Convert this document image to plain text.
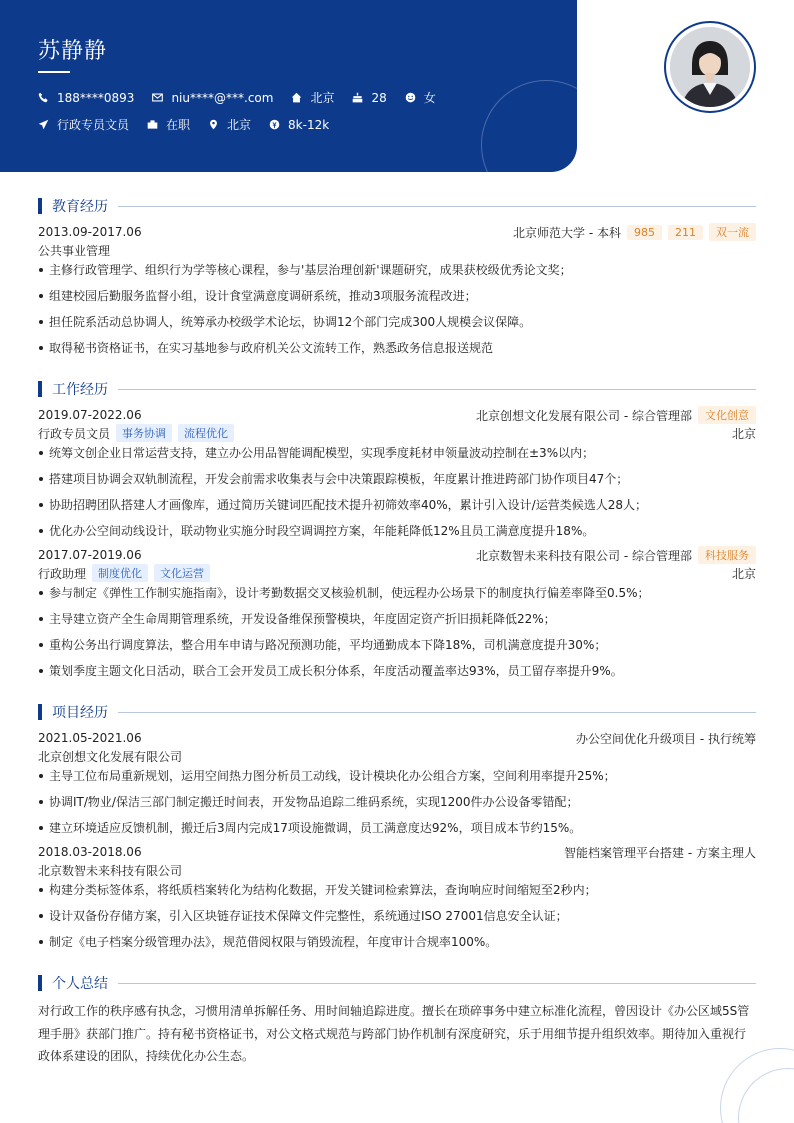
苏静静
188****0893	niu****@***.com	北京	28	女
行政专员文员	在职	北京	8k-12k
教育经历
2013.09-2017.06	北京师范大学 - 本科	985	211	双一流
公共事业管理
主修行政管理学、组织行为学等核心课程，参与'基层治理创新'课题研究，成果获校级优秀论文奖；
组建校园后勤服务监督小组，设计食堂满意度调研系统，推动3项服务流程改进；
担任院系活动总协调人，统筹承办校级学术论坛，协调12个部门完成300人规模会议保障。
取得秘书资格证书，在实习基地参与政府机关公文流转工作，熟悉政务信息报送规范
工作经历
2019.07-2022.06	北京创想文化发展有限公司 - 综合管理部	文化创意
行政专员文员	事务协调	流程优化	北京
统筹文创企业日常运营支持，建立办公用品智能调配模型，实现季度耗材申领量波动控制在±3%以内；
搭建项目协调会双轨制流程，开发会前需求收集表与会中决策跟踪模板，年度累计推进跨部门协作项目47个；
协助招聘团队搭建人才画像库，通过简历关键词匹配技术提升初筛效率40%，累计引入设计/运营类候选人28人；
优化办公空间动线设计，联动物业实施分时段空调调控方案，年能耗降低12%且员工满意度提升18%。
2017.07-2019.06	北京数智未来科技有限公司 - 综合管理部	科技服务
行政助理	制度优化	文化运营	北京
参与制定《弹性工作制实施指南》，设计考勤数据交叉核验机制，使远程办公场景下的制度执行偏差率降至0.5%；
主导建立资产全生命周期管理系统，开发设备维保预警模块，年度固定资产折旧损耗降低22%；
重构公务出行调度算法，整合用车申请与路况预测功能，平均通勤成本下降18%，司机满意度提升30%；
策划季度主题文化日活动，联合工会开发员工成长积分体系，年度活动覆盖率达93%，员工留存率提升9%。
项目经历
2021.05-2021.06	办公空间优化升级项目 - 执行统筹
北京创想文化发展有限公司
主导工位布局重新规划，运用空间热力图分析员工动线，设计模块化办公组合方案，空间利用率提升25%；
协调IT/物业/保洁三部门制定搬迁时间表，开发物品追踪二维码系统，实现1200件办公设备零错配；
建立环境适应反馈机制，搬迁后3周内完成17项设施微调，员工满意度达92%，项目成本节约15%。
2018.03-2018.06	智能档案管理平台搭建 - 方案主理人
北京数智未来科技有限公司
构建分类标签体系，将纸质档案转化为结构化数据，开发关键词检索算法，查询响应时间缩短至2秒内；
设计双备份存储方案，引入区块链存证技术保障文件完整性，系统通过ISO 27001信息安全认证；
制定《电子档案分级管理办法》，规范借阅权限与销毁流程，年度审计合规率100%。
个人总结
对行政工作的秩序感有执念，习惯用清单拆解任务、用时间轴追踪进度。擅长在琐碎事务中建立标准化流程，曾因设计《办公区域5S管理手册》获部门推广。持有秘书资格证书，对公文格式规范与跨部门协作机制有深度研究，乐于用细节提升组织效率。期待加入重视行政体系建设的团队，持续优化办公生态。
